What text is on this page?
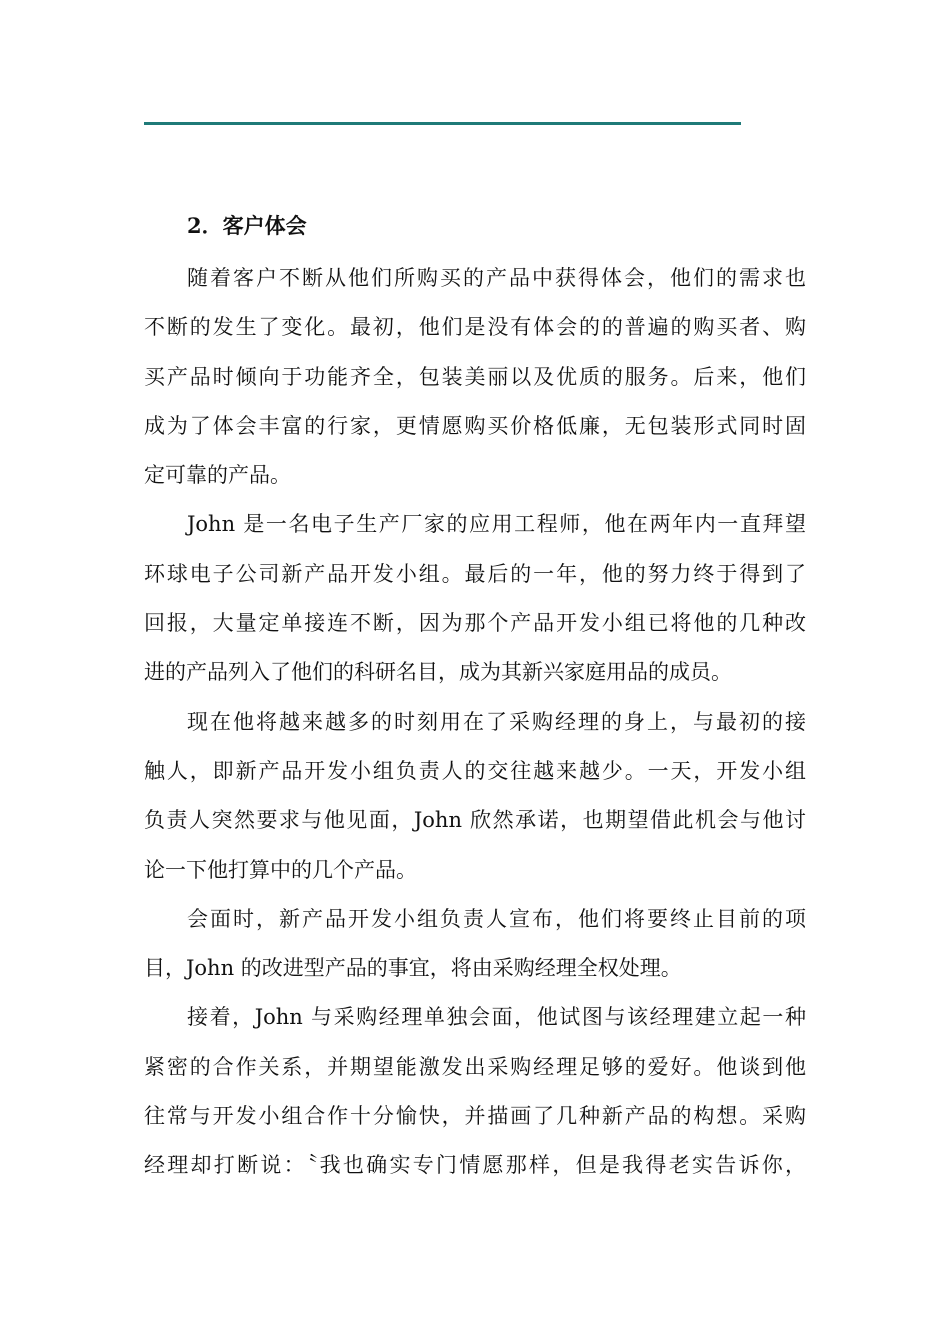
2．客户体会
随着客户不断从他们所购买的产品中获得体会，他们的需求也
不断的发生了变化。最初，他们是没有体会的的普遍的购买者、购
买产品时倾向于功能齐全，包装美丽以及优质的服务。后来，他们
成为了体会丰富的行家，更情愿购买价格低廉，无包装形式同时固
定可靠的产品。
John 是一名电子生产厂家的应用工程师，他在两年内一直拜望
环球电子公司新产品开发小组。最后的一年，他的努力终于得到了
回报，大量定单接连不断，因为那个产品开发小组已将他的几种改
进的产品列入了他们的科研名目，成为其新兴家庭用品的成员。
现在他将越来越多的时刻用在了采购经理的身上，与最初的接
触人，即新产品开发小组负责人的交往越来越少。一天，开发小组
负责人突然要求与他见面，John 欣然承诺，也期望借此机会与他讨
论一下他打算中的几个产品。
会面时，新产品开发小组负责人宣布，他们将要终止目前的项
目，John 的改进型产品的事宜，将由采购经理全权处理。
接着，John 与采购经理单独会面，他试图与该经理建立起一种
紧密的合作关系，并期望能激发出采购经理足够的爱好。他谈到他
往常与开发小组合作十分愉快，并描画了几种新产品的构想。采购
经理却打断说：〝我也确实专门情愿那样，但是我得老实告诉你，
